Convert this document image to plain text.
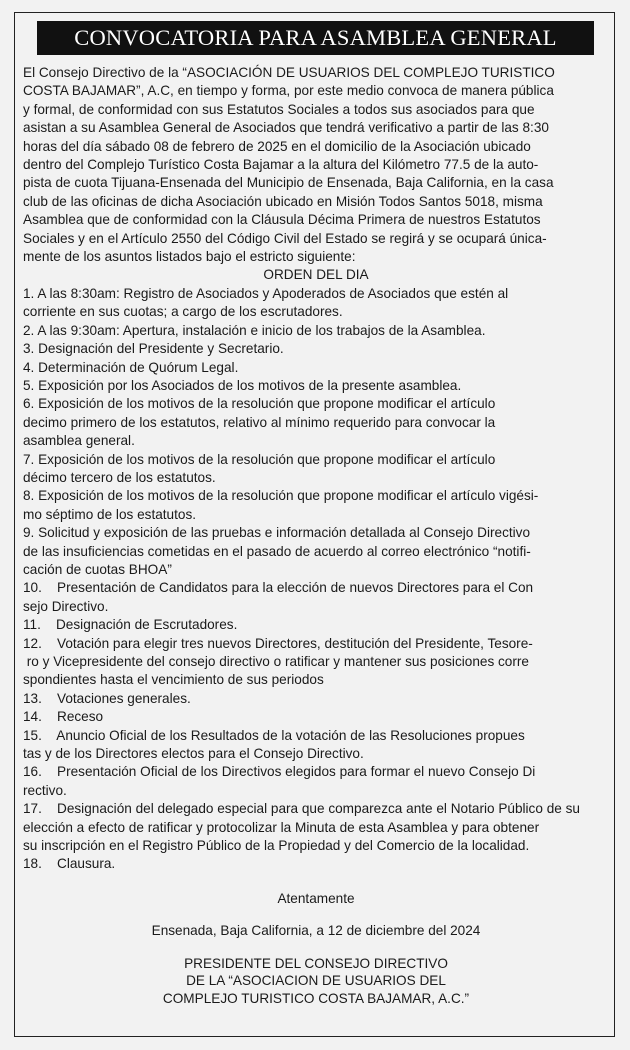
CONVOCATORIA PARA ASAMBLEA GENERAL
El Consejo Directivo de la “ASOCIACIÓN DE USUARIOS DEL COMPLEJO TURISTICO
COSTA BAJAMAR”, A.C, en tiempo y forma, por este medio convoca de manera pública
y formal, de conformidad con sus Estatutos Sociales a todos sus asociados para que
asistan a su Asamblea General de Asociados que tendrá verificativo a partir de las 8:30
horas del día sábado 08 de febrero de 2025 en el domicilio de la Asociación ubicado
dentro del Complejo Turístico Costa Bajamar a la altura del Kilómetro 77.5 de la auto-
pista de cuota Tijuana-Ensenada del Municipio de Ensenada, Baja California, en la casa
club de las oficinas de dicha Asociación ubicado en Misión Todos Santos 5018, misma
Asamblea que de conformidad con la Cláusula Décima Primera de nuestros Estatutos
Sociales y en el Artículo 2550 del Código Civil del Estado se regirá y se ocupará única-
mente de los asuntos listados bajo el estricto siguiente:
ORDEN DEL DIA
1. A las 8:30am: Registro de Asociados y Apoderados de Asociados que estén al
corriente en sus cuotas; a cargo de los escrutadores.
2. A las 9:30am: Apertura, instalación e inicio de los trabajos de la Asamblea.
3. Designación del Presidente y Secretario.
4. Determinación de Quórum Legal.
5. Exposición por los Asociados de los motivos de la presente asamblea.
6. Exposición de los motivos de la resolución que propone modificar el artículo
decimo primero de los estatutos, relativo al mínimo requerido para convocar la
asamblea general.
7. Exposición de los motivos de la resolución que propone modificar el artículo
décimo tercero de los estatutos.
8. Exposición de los motivos de la resolución que propone modificar el artículo vigési-
mo séptimo de los estatutos.
9. Solicitud y exposición de las pruebas e información detallada al Consejo Directivo
de las insuficiencias cometidas en el pasado de acuerdo al correo electrónico “notifi-
cación de cuotas BHOA”
10.    Presentación de Candidatos para la elección de nuevos Directores para el Con
sejo Directivo.
11.    Designación de Escrutadores.
12.    Votación para elegir tres nuevos Directores, destitución del Presidente, Tesore-
ro y Vicepresidente del consejo directivo o ratificar y mantener sus posiciones corre
spondientes hasta el vencimiento de sus periodos
13.    Votaciones generales.
14.    Receso
15.    Anuncio Oficial de los Resultados de la votación de las Resoluciones propues
tas y de los Directores electos para el Consejo Directivo.
16.    Presentación Oficial de los Directivos elegidos para formar el nuevo Consejo Di
rectivo.
17.    Designación del delegado especial para que comparezca ante el Notario Público de su
elección a efecto de ratificar y protocolizar la Minuta de esta Asamblea y para obtener
su inscripción en el Registro Público de la Propiedad y del Comercio de la localidad.
18.    Clausura.
Atentamente
Ensenada, Baja California, a 12 de diciembre del 2024
PRESIDENTE DEL CONSEJO DIRECTIVO
DE LA “ASOCIACION DE USUARIOS DEL
COMPLEJO TURISTICO COSTA BAJAMAR, A.C.”
